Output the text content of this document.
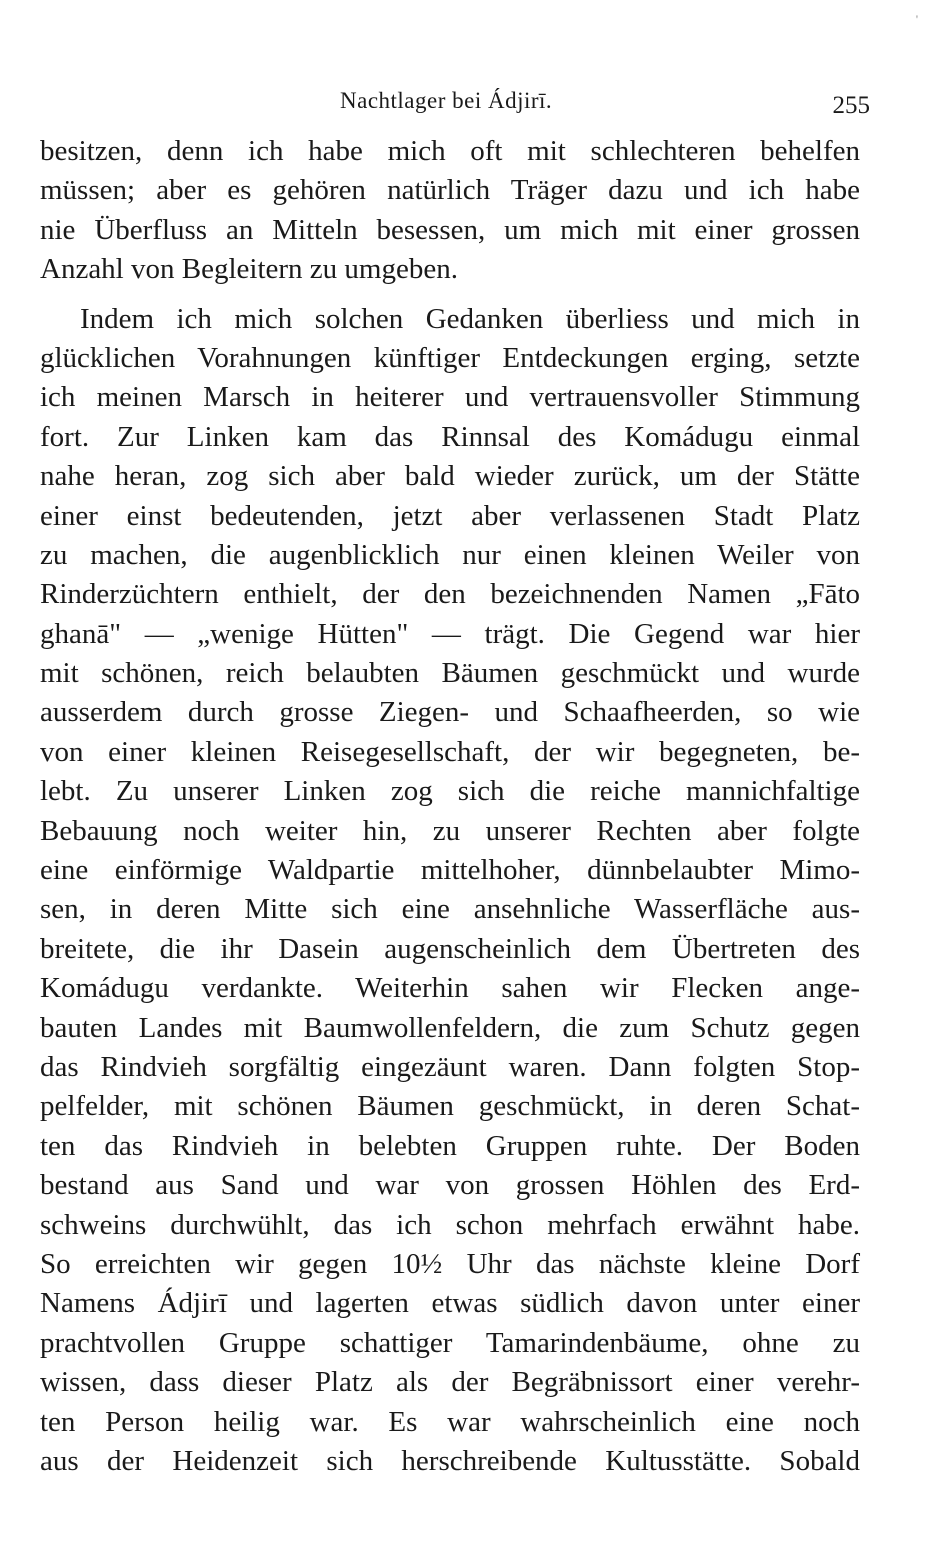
'
Nachtlager bei Ádjirī.	255
besitzen, denn ich habe mich oft mit schlechteren behelfen
müssen; aber es gehören natürlich Träger dazu und ich habe
nie Überfluss an Mitteln besessen, um mich mit einer grossen
Anzahl von Begleitern zu umgeben.
Indem ich mich solchen Gedanken überliess und mich in
glücklichen Vorahnungen künftiger Entdeckungen erging, setzte
ich meinen Marsch in heiterer und vertrauensvoller Stimmung
fort. Zur Linken kam das Rinnsal des Komádugu einmal
nahe heran, zog sich aber bald wieder zurück, um der Stätte
einer einst bedeutenden, jetzt aber verlassenen Stadt Platz
zu machen, die augenblicklich nur einen kleinen Weiler von
Rinderzüchtern enthielt, der den bezeichnenden Namen „Fāto
ghanā" — „wenige Hütten" — trägt. Die Gegend war hier
mit schönen, reich belaubten Bäumen geschmückt und wurde
ausserdem durch grosse Ziegen- und Schaafheerden, so wie
von einer kleinen Reisegesellschaft, der wir begegneten, be-
lebt. Zu unserer Linken zog sich die reiche mannichfaltige
Bebauung noch weiter hin, zu unserer Rechten aber folgte
eine einförmige Waldpartie mittelhoher, dünnbelaubter Mimo-
sen, in deren Mitte sich eine ansehnliche Wasserfläche aus-
breitete, die ihr Dasein augenscheinlich dem Übertreten des
Komádugu verdankte. Weiterhin sahen wir Flecken ange-
bauten Landes mit Baumwollenfeldern, die zum Schutz gegen
das Rindvieh sorgfältig eingezäunt waren. Dann folgten Stop-
pelfelder, mit schönen Bäumen geschmückt, in deren Schat-
ten das Rindvieh in belebten Gruppen ruhte. Der Boden
bestand aus Sand und war von grossen Höhlen des Erd-
schweins durchwühlt, das ich schon mehrfach erwähnt habe.
So erreichten wir gegen 10½ Uhr das nächste kleine Dorf
Namens Ádjirī und lagerten etwas südlich davon unter einer
prachtvollen Gruppe schattiger Tamarindenbäume, ohne zu
wissen, dass dieser Platz als der Begräbnissort einer verehr-
ten Person heilig war. Es war wahrscheinlich eine noch
aus der Heidenzeit sich herschreibende Kultusstätte. Sobald
